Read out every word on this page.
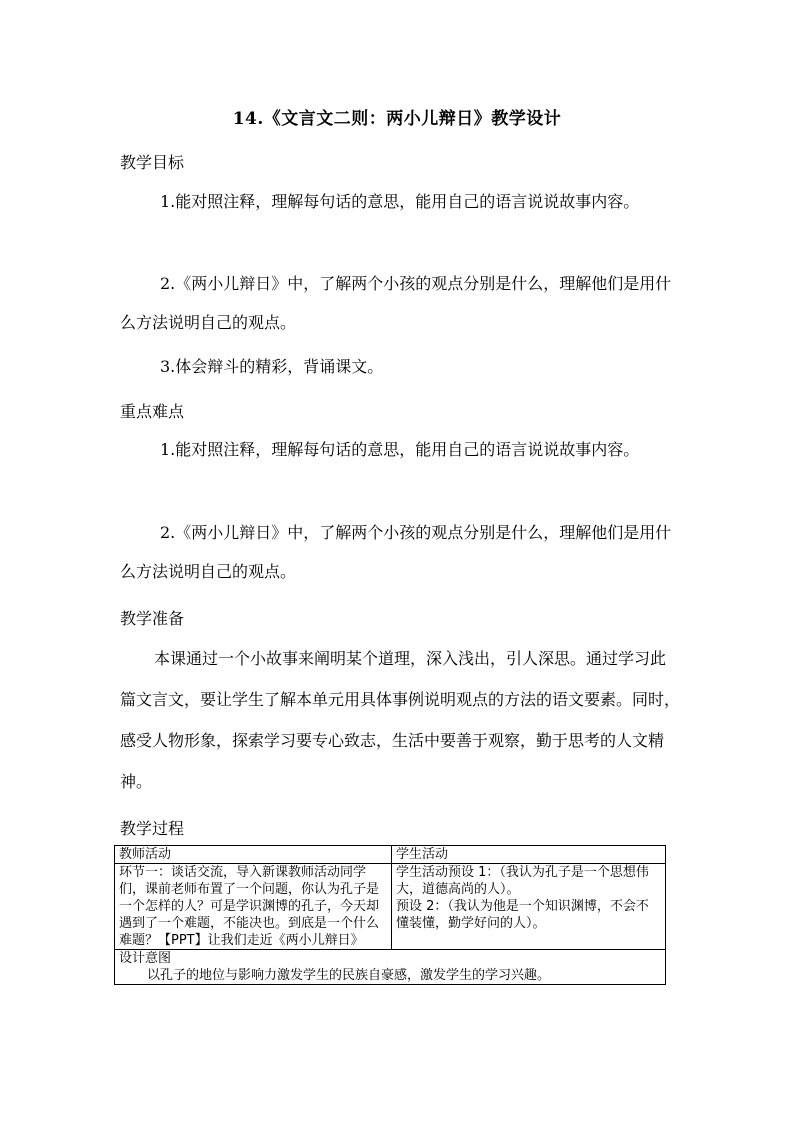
14.《文言文二则：两小儿辩日》教学设计
教学目标
1.能对照注释，理解每句话的意思，能用自己的语言说说故事内容。
2.《两小儿辩日》中，了解两个小孩的观点分别是什么，理解他们是用什么方法说明自己的观点。
3.体会辩斗的精彩，背诵课文。
重点难点
1.能对照注释，理解每句话的意思，能用自己的语言说说故事内容。
2.《两小儿辩日》中，了解两个小孩的观点分别是什么，理解他们是用什么方法说明自己的观点。
教学准备
本课通过一个小故事来阐明某个道理，深入浅出，引人深思。通过学习此篇文言文，要让学生了解本单元用具体事例说明观点的方法的语文要素。同时，感受人物形象，探索学习要专心致志，生活中要善于观察，勤于思考的人文精神。
教学过程
教师活动	学生活动
环节一：谈话交流，导入新课教师活动同学们，课前老师布置了一个问题，你认为孔子是一个怎样的人？可是学识渊博的孔子，今天却遇到了一个难题，不能决也。到底是一个什么难题？【PPT】让我们走近《两小儿辩日》	学生活动预设 1：（我认为孔子是一个思想伟大，道德高尚的人）。
预设 2：（我认为他是一个知识渊博，不会不懂装懂，勤学好问的人）。

设计意图
以孔子的地位与影响力激发学生的民族自豪感，激发学生的学习兴趣。	
